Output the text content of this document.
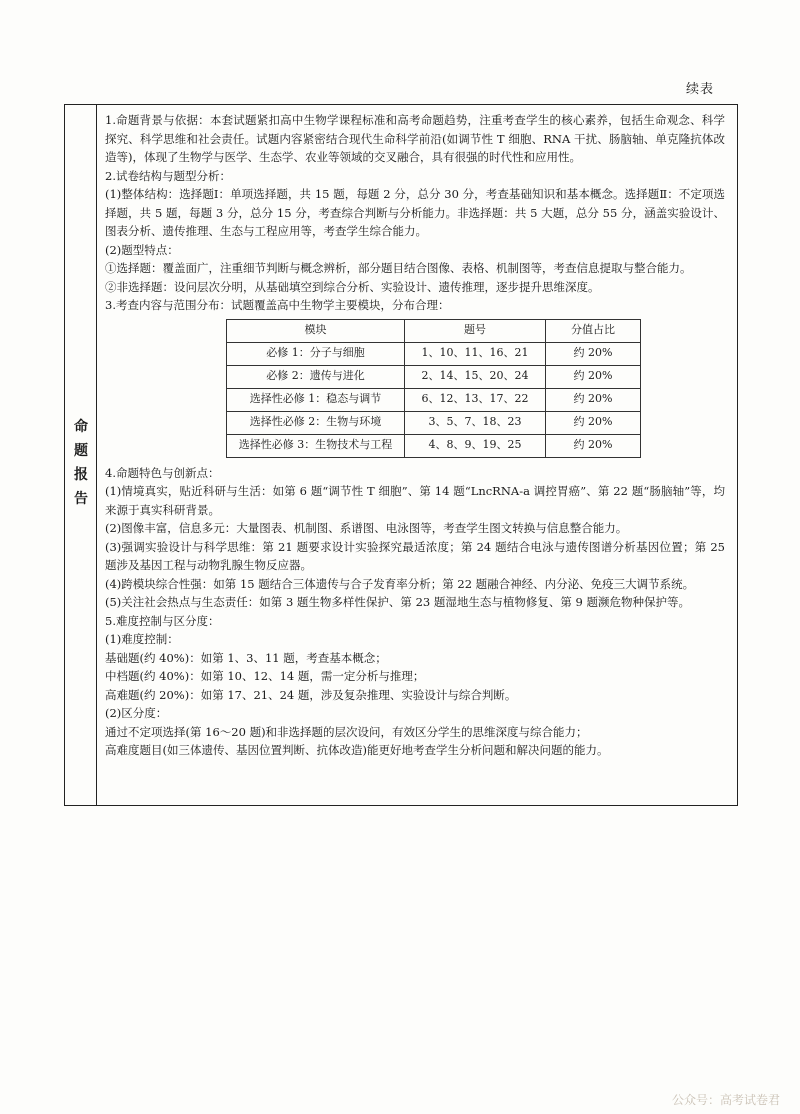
续表
命
题
报
告

1.命题背景与依据：本套试题紧扣高中生物学课程标准和高考命题趋势，注重考查学生的核心素养，包括生命观念、科学探究、科学思维和社会责任。试题内容紧密结合现代生命科学前沿(如调节性 T 细胞、RNA 干扰、肠脑轴、单克隆抗体改造等)，体现了生物学与医学、生态学、农业等领域的交叉融合，具有很强的时代性和应用性。

2.试卷结构与题型分析：

(1)整体结构：选择题Ⅰ：单项选择题，共 15 题，每题 2 分，总分 30 分，考查基础知识和基本概念。选择题Ⅱ：不定项选择题，共 5 题，每题 3 分，总分 15 分，考查综合判断与分析能力。非选择题：共 5 大题，总分 55 分，涵盖实验设计、图表分析、遗传推理、生态与工程应用等，考查学生综合能力。

(2)题型特点：

①选择题：覆盖面广，注重细节判断与概念辨析，部分题目结合图像、表格、机制图等，考查信息提取与整合能力。

②非选择题：设问层次分明，从基础填空到综合分析、实验设计、遗传推理，逐步提升思维深度。

3.考查内容与范围分布：试题覆盖高中生物学主要模块，分布合理：

模块	题号	分值占比
必修 1：分子与细胞	1、10、11、16、21	约 20%
必修 2：遗传与进化	2、14、15、20、24	约 20%
选择性必修 1：稳态与调节	6、12、13、17、22	约 20%
选择性必修 2：生物与环境	3、5、7、18、23	约 20%
选择性必修 3：生物技术与工程	4、8、9、19、25	约 20%

4.命题特色与创新点：

(1)情境真实，贴近科研与生活：如第 6 题“调节性 T 细胞”、第 14 题“LncRNA-a 调控胃癌”、第 22 题“肠脑轴”等，均来源于真实科研背景。

(2)图像丰富，信息多元：大量图表、机制图、系谱图、电泳图等，考查学生图文转换与信息整合能力。

(3)强调实验设计与科学思维：第 21 题要求设计实验探究最适浓度；第 24 题结合电泳与遗传图谱分析基因位置；第 25 题涉及基因工程与动物乳腺生物反应器。

(4)跨模块综合性强：如第 15 题结合三体遗传与合子发育率分析；第 22 题融合神经、内分泌、免疫三大调节系统。

(5)关注社会热点与生态责任：如第 3 题生物多样性保护、第 23 题湿地生态与植物修复、第 9 题濒危物种保护等。

5.难度控制与区分度：

(1)难度控制：

基础题(约 40%)：如第 1、3、11 题，考查基本概念；

中档题(约 40%)：如第 10、12、14 题，需一定分析与推理；

高难题(约 20%)：如第 17、21、24 题，涉及复杂推理、实验设计与综合判断。

(2)区分度：

通过不定项选择(第 16～20 题)和非选择题的层次设问，有效区分学生的思维深度与综合能力；

高难度题目(如三体遗传、基因位置判断、抗体改造)能更好地考查学生分析问题和解决问题的能力。

公众号：高考试卷君
